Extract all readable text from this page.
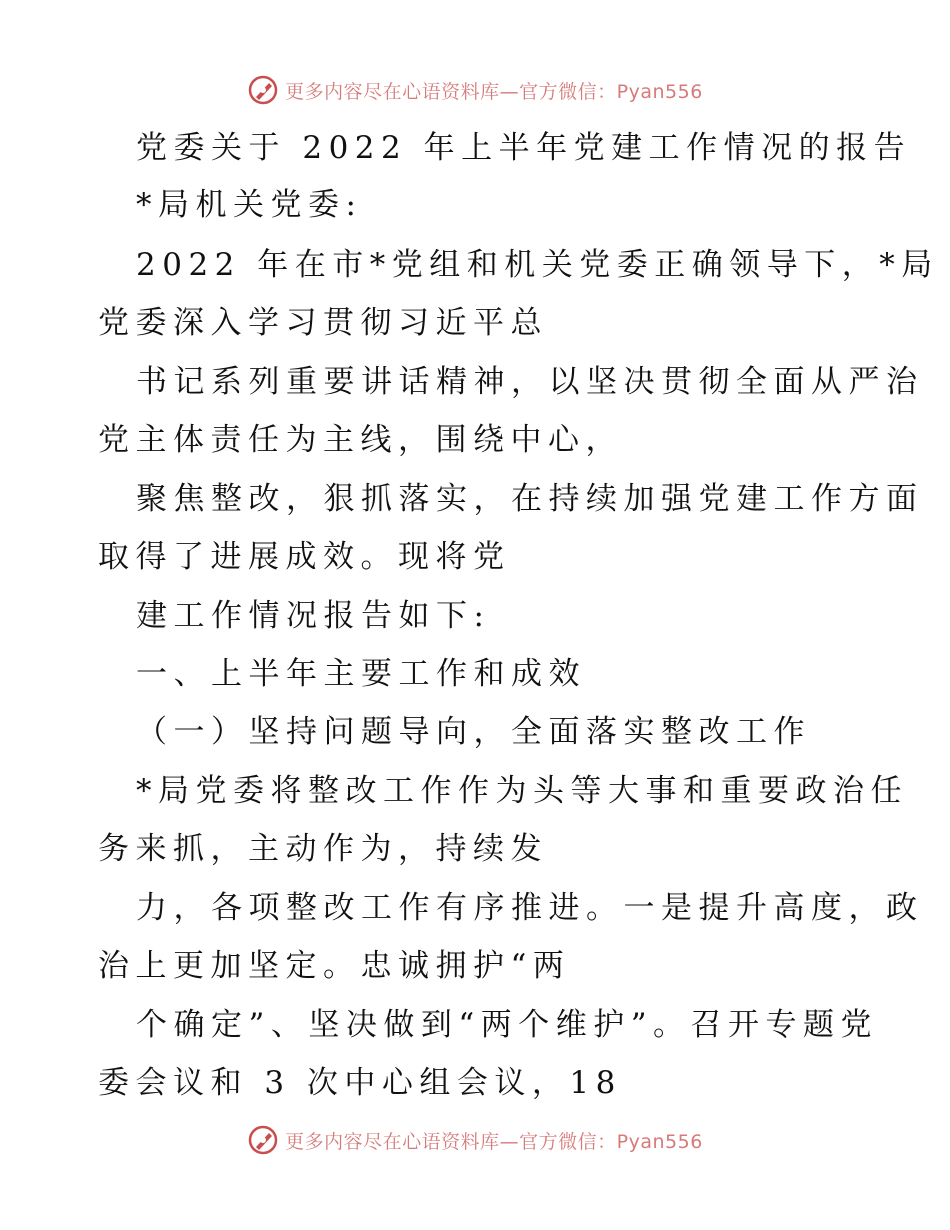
更多内容尽在心语资料库—官方微信：Pyan556
党委关于 2022 年上半年党建工作情况的报告
*局机关党委:
2022 年在市*党组和机关党委正确领导下，*局
党委深入学习贯彻习近平总
书记系列重要讲话精神，以坚决贯彻全面从严治
党主体责任为主线，围绕中心，
聚焦整改，狠抓落实，在持续加强党建工作方面
取得了进展成效。现将党
建工作情况报告如下:
一、上半年主要工作和成效
（一）坚持问题导向，全面落实整改工作
*局党委将整改工作作为头等大事和重要政治任
务来抓，主动作为，持续发
力，各项整改工作有序推进。一是提升高度，政
治上更加坚定。忠诚拥护“两
个确定”、坚决做到“两个维护”。召开专题党
委会议和 3 次中心组会议，18
更多内容尽在心语资料库—官方微信：Pyan556
